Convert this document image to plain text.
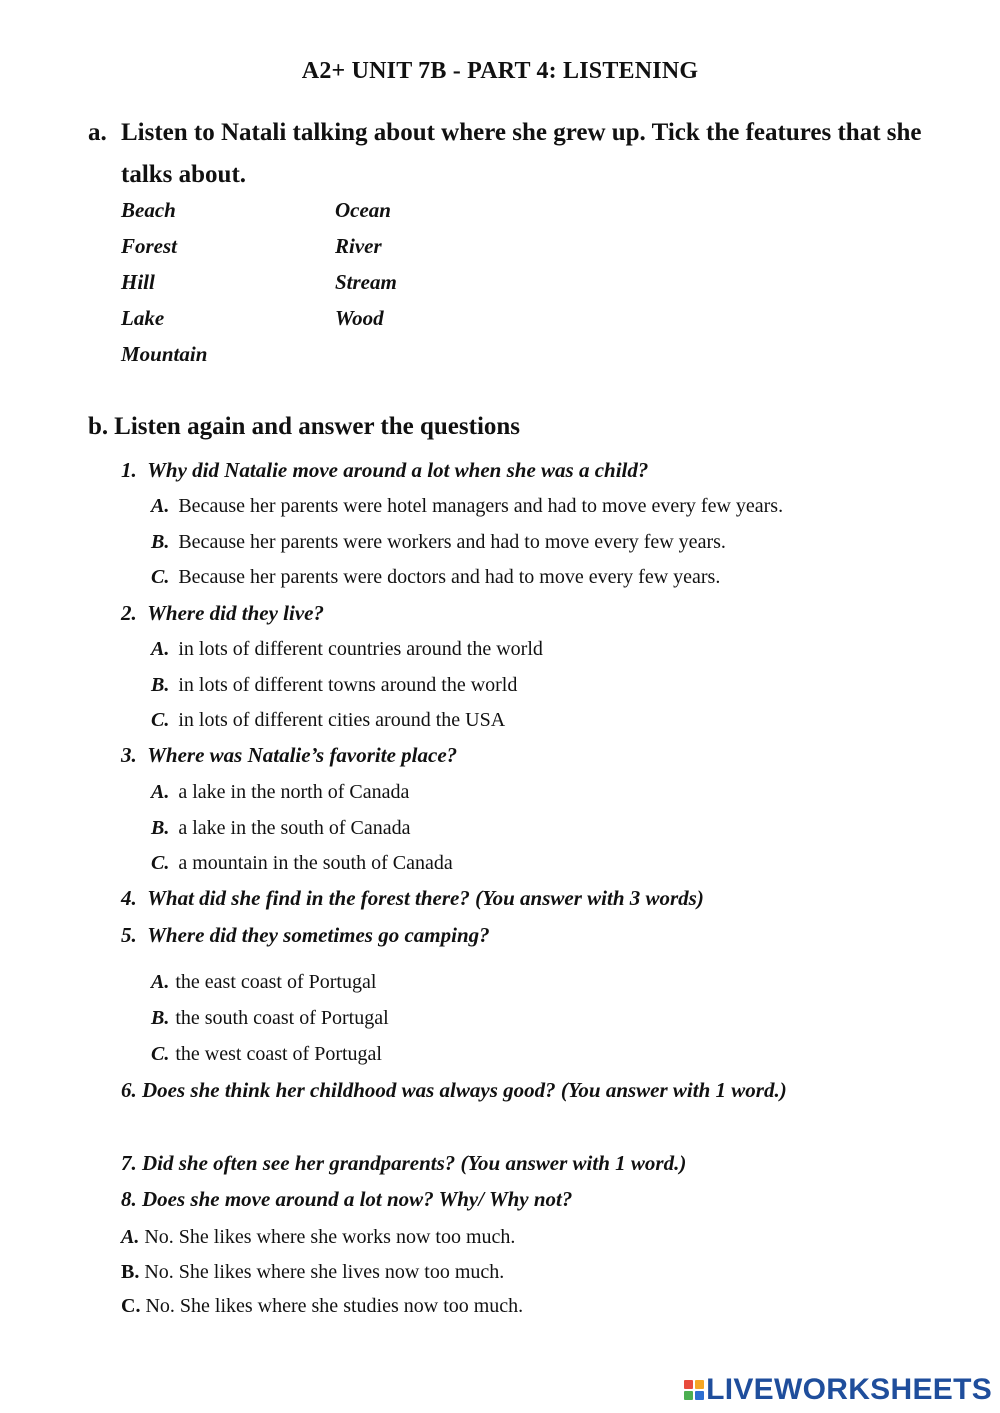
A2+ UNIT 7B - PART 4: LISTENING
a. Listen to Natali talking about where she grew up. Tick the features that she talks about.
Beach
Forest
Hill
Lake
Mountain
Ocean
River
Stream
Wood
b. Listen again and answer the questions
1. Why did Natalie move around a lot when she was a child?
A. Because her parents were hotel managers and had to move every few years.
B. Because her parents were workers and had to move every few years.
C. Because her parents were doctors and had to move every few years.
2. Where did they live?
A. in lots of different countries around the world
B. in lots of different towns around the world
C. in lots of different cities around the USA
3. Where was Natalie’s favorite place?
A. a lake in the north of Canada
B. a lake in the south of Canada
C. a mountain in the south of Canada
4. What did she find in the forest there? (You answer with 3 words)
5. Where did they sometimes go camping?
A. the east coast of Portugal
B. the south coast of Portugal
C. the west coast of Portugal
6. Does she think her childhood was always good? (You answer with 1 word.)
7. Did she often see her grandparents? (You answer with 1 word.)
8. Does she move around a lot now? Why/ Why not?
A. No. She likes where she works now too much.
B. No. She likes where she lives now too much.
C. No. She likes where she studies now too much.
LIVEWORKSHEETS
